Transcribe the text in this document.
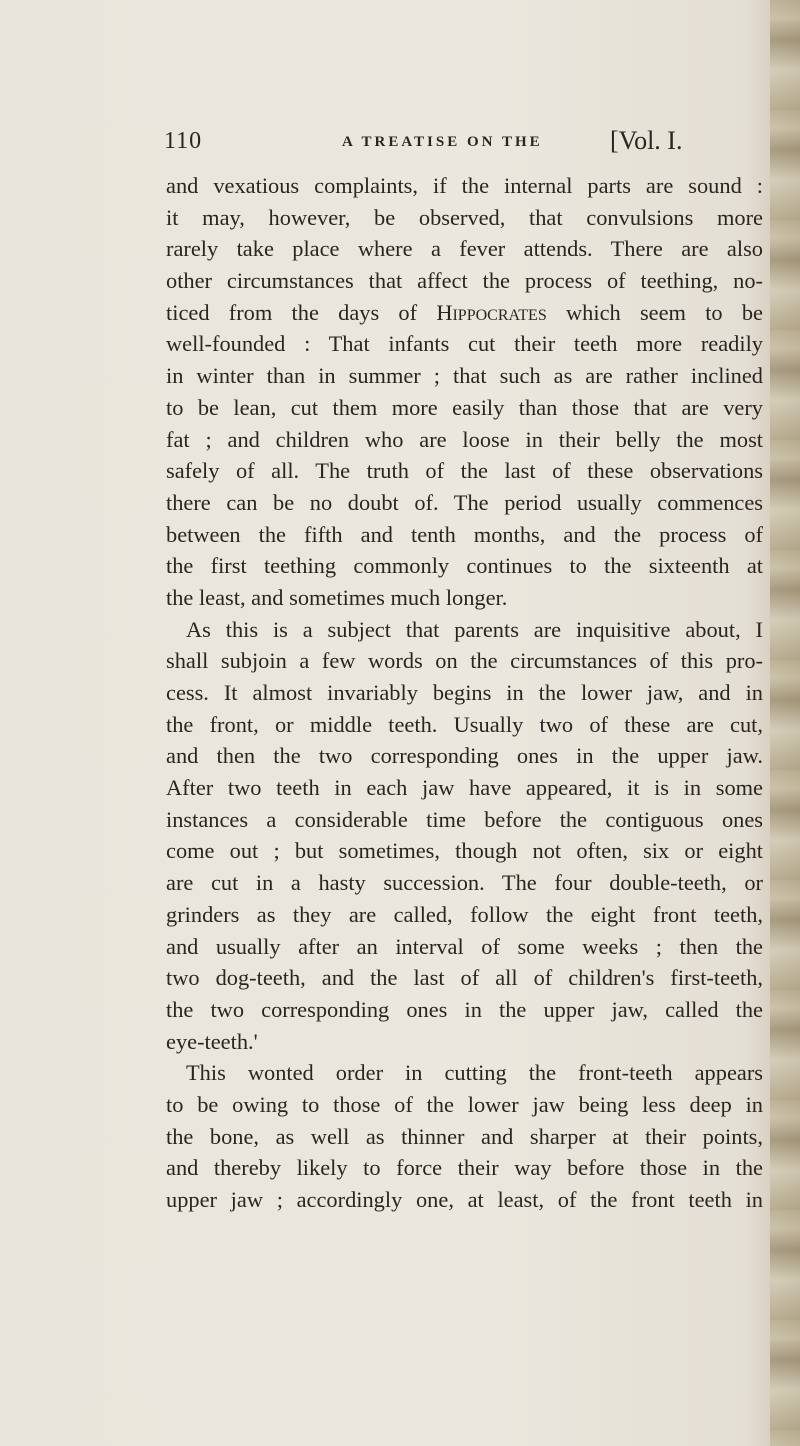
110	A TREATISE ON THE	[Vol. I.
and vexatious complaints, if the internal parts are sound :
it may, however, be observed, that convulsions more
rarely take place where a fever attends. There are also
other circumstances that affect the process of teething, no-
ticed from the days of Hippocrates which seem to be
well-founded : That infants cut their teeth more readily
in winter than in summer ; that such as are rather inclined
to be lean, cut them more easily than those that are very
fat ; and children who are loose in their belly the most
safely of all. The truth of the last of these observations
there can be no doubt of. The period usually commences
between the fifth and tenth months, and the process of
the first teething commonly continues to the sixteenth at
the least, and sometimes much longer.
As this is a subject that parents are inquisitive about, I
shall subjoin a few words on the circumstances of this pro-
cess. It almost invariably begins in the lower jaw, and in
the front, or middle teeth. Usually two of these are cut,
and then the two corresponding ones in the upper jaw.
After two teeth in each jaw have appeared, it is in some
instances a considerable time before the contiguous ones
come out ; but sometimes, though not often, six or eight
are cut in a hasty succession. The four double-teeth, or
grinders as they are called, follow the eight front teeth,
and usually after an interval of some weeks ; then the
two dog-teeth, and the last of all of children's first-teeth,
the two corresponding ones in the upper jaw, called the
eye-teeth.'
This wonted order in cutting the front-teeth appears
to be owing to those of the lower jaw being less deep in
the bone, as well as thinner and sharper at their points,
and thereby likely to force their way before those in the
upper jaw ; accordingly one, at least, of the front teeth in
